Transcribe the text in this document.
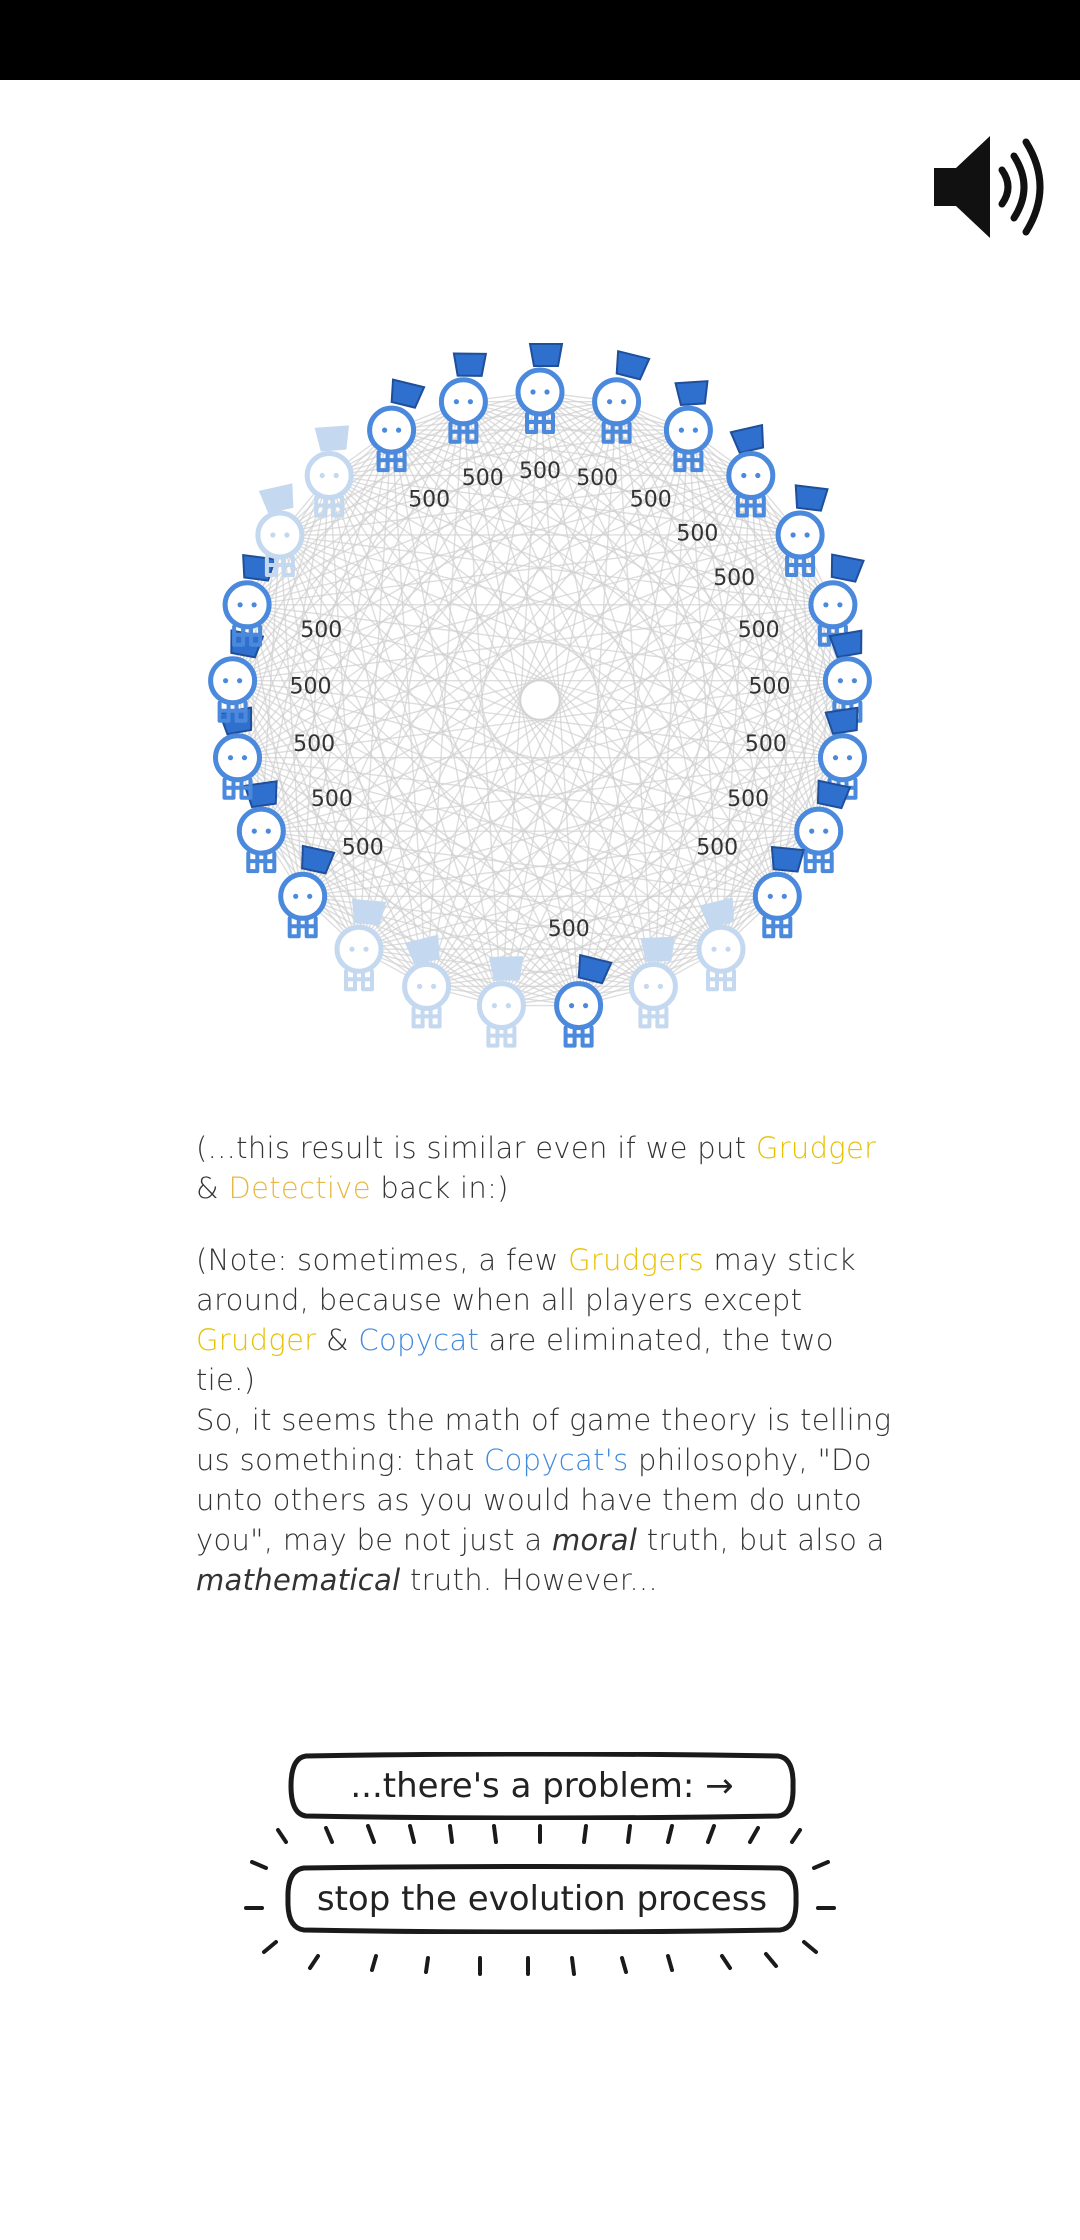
500 500
500
500
500
500
500
500
500
500
500
500
500
500
500
500
500
500

(...this result is similar even if we put Grudger & Detective back in:)

(Note: sometimes, a few Grudgers may stick around, because when all players except Grudger & Copycat are eliminated, the two tie.)

So, it seems the math of game theory is telling us something: that Copycat's philosophy, "Do unto others as you would have them do unto you", may be not just a moral truth, but also a mathematical truth. However...

...there's a problem: →
stop the evolution process
